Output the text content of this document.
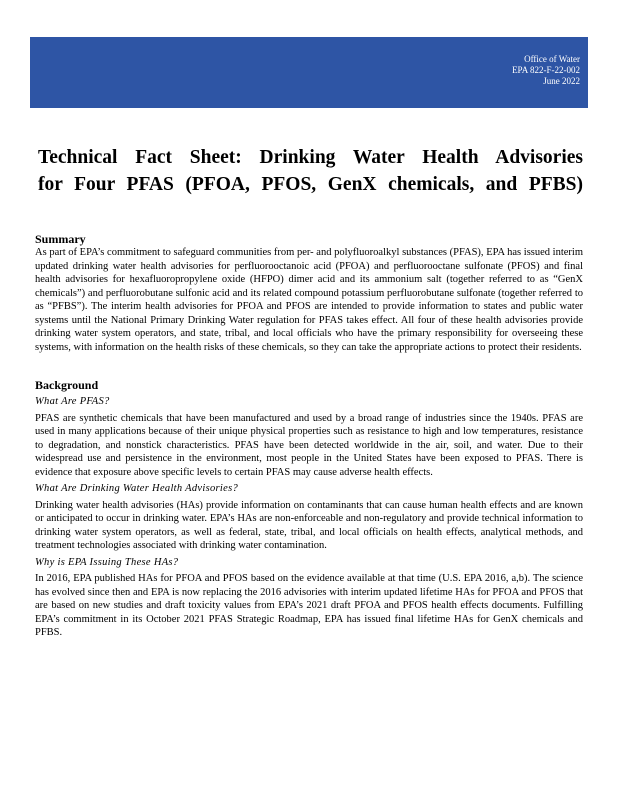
Office of Water
EPA 822-F-22-002
June 2022
Technical Fact Sheet: Drinking Water Health Advisories
for Four PFAS (PFOA, PFOS, GenX chemicals, and PFBS)
Summary

As part of EPA’s commitment to safeguard communities from per- and polyfluoroalkyl substances (PFAS), EPA has issued interim updated drinking water health advisories for perfluorooctanoic acid (PFOA) and perfluorooctane sulfonate (PFOS) and final health advisories for hexafluoropropylene oxide (HFPO) dimer acid and its ammonium salt (together referred to as “GenX chemicals”) and perfluorobutane sulfonic acid and its related compound potassium perfluorobutane sulfonate (together referred to as “PFBS”). The interim health advisories for PFOA and PFOS are intended to provide information to states and public water systems until the National Primary Drinking Water regulation for PFAS takes effect. All four of these health advisories provide drinking water system operators, and state, tribal, and local officials who have the primary responsibility for overseeing these systems, with information on the health risks of these chemicals, so they can take the appropriate actions to protect their residents.

Background

What Are PFAS?

PFAS are synthetic chemicals that have been manufactured and used by a broad range of industries since the 1940s. PFAS are used in many applications because of their unique physical properties such as resistance to high and low temperatures, resistance to degradation, and nonstick characteristics. PFAS have been detected worldwide in the air, soil, and water. Due to their widespread use and persistence in the environment, most people in the United States have been exposed to PFAS. There is evidence that exposure above specific levels to certain PFAS may cause adverse health effects.

What Are Drinking Water Health Advisories?

Drinking water health advisories (HAs) provide information on contaminants that can cause human health effects and are known or anticipated to occur in drinking water. EPA’s HAs are non-enforceable and non-regulatory and provide technical information to drinking water system operators, as well as federal, state, tribal, and local officials on health effects, analytical methods, and treatment technologies associated with drinking water contamination.

Why is EPA Issuing These HAs?

In 2016, EPA published HAs for PFOA and PFOS based on the evidence available at that time (U.S. EPA 2016, a,b). The science has evolved since then and EPA is now replacing the 2016 advisories with interim updated lifetime HAs for PFOA and PFOS that are based on new studies and draft toxicity values from EPA’s 2021 draft PFOA and PFOS health effects documents. Fulfilling EPA’s commitment in its October 2021 PFAS Strategic Roadmap, EPA has issued final lifetime HAs for GenX chemicals and PFBS.
